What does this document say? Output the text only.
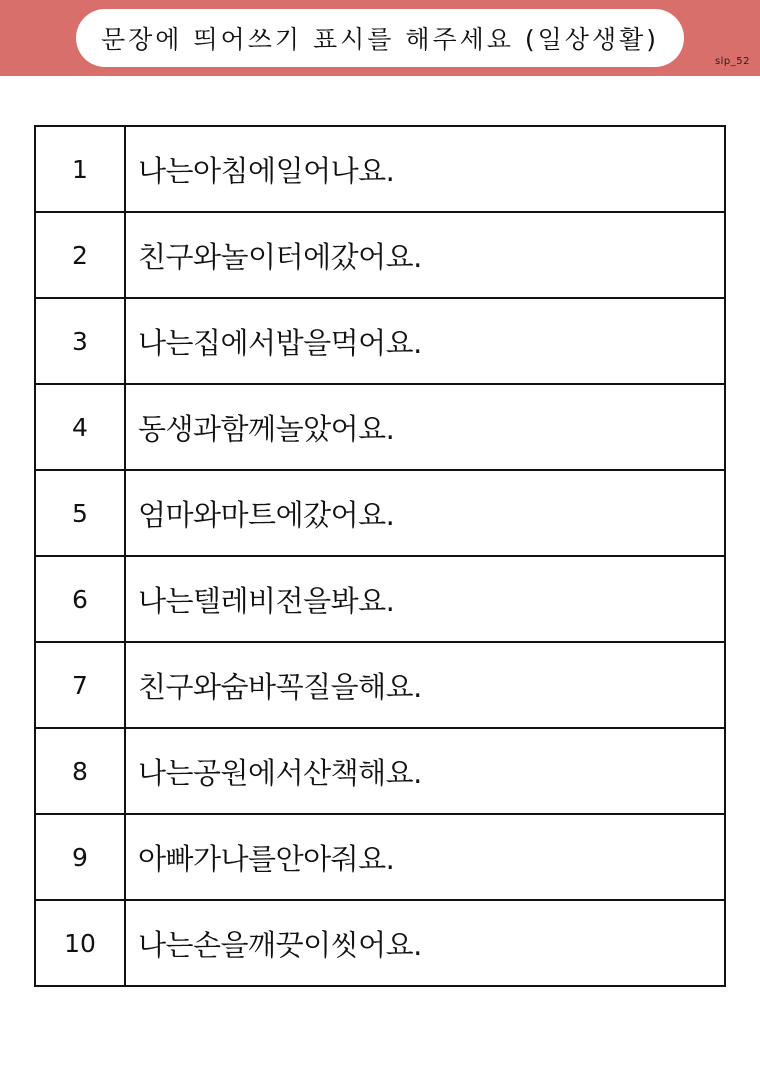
문장에 띄어쓰기 표시를 해주세요 (일상생활)
slp_52
1	나는아침에일어나요.
2	친구와놀이터에갔어요.
3	나는집에서밥을먹어요.
4	동생과함께놀았어요.
5	엄마와마트에갔어요.
6	나는텔레비전을봐요.
7	친구와숨바꼭질을해요.
8	나는공원에서산책해요.
9	아빠가나를안아줘요.
10	나는손을깨끗이씻어요.
